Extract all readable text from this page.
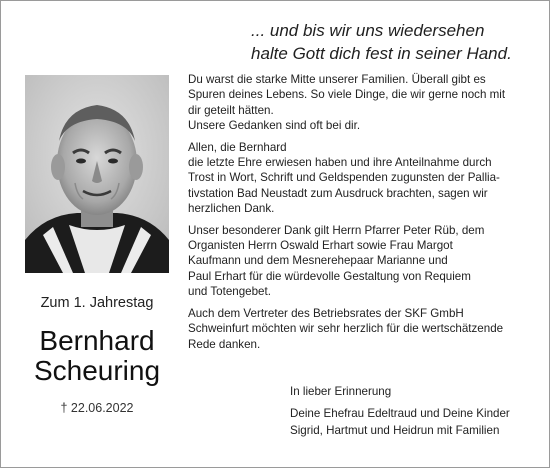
... und bis wir uns wiedersehen
halte Gott dich fest in seiner Hand.
Zum 1. Jahrestag
Bernhard
Scheuring
† 22.06.2022
Du warst die starke Mitte unserer Familien. Überall gibt es
Spuren deines Lebens. So viele Dinge, die wir gerne noch mit
dir geteilt hätten.
Unsere Gedanken sind oft bei dir.
Allen, die Bernhard
die letzte Ehre erwiesen haben und ihre Anteilnahme durch
Trost in Wort, Schrift und Geldspenden zugunsten der Pallia-
tivstation Bad Neustadt zum Ausdruck brachten, sagen wir
herzlichen Dank.
Unser besonderer Dank gilt Herrn Pfarrer Peter Rüb, dem
Organisten Herrn Oswald Erhart sowie Frau Margot
Kaufmann und dem Mesnerehepaar Marianne und
Paul Erhart für die würdevolle Gestaltung von Requiem
und Totengebet.
Auch dem Vertreter des Betriebsrates der SKF GmbH
Schweinfurt möchten wir sehr herzlich für die wertschätzende
Rede danken.
In lieber Erinnerung
Deine Ehefrau Edeltraud und Deine Kinder
Sigrid, Hartmut und Heidrun mit Familien
